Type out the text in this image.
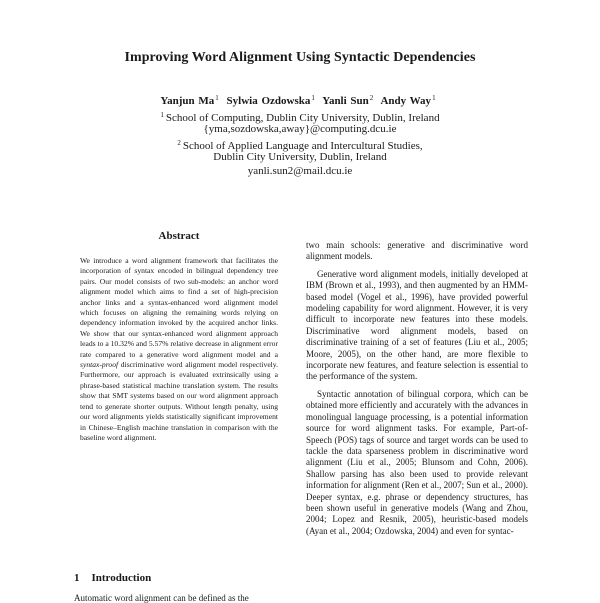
Improving Word Alignment Using Syntactic Dependencies
Yanjun Ma$^1$ Sylwia Ozdowska$^1$ Yanli Sun$^2$ Andy Way$^1$
$^1$ School of Computing, Dublin City University, Dublin, Ireland
{yma,sozdowska,away}@computing.dcu.ie
$^2$ School of Applied Language and Intercultural Studies,
Dublin City University, Dublin, Ireland
yanli.sun2@mail.dcu.ie
Abstract

We introduce a word alignment framework that facilitates the incorporation of syntax encoded in bilingual dependency tree pairs. Our model consists of two sub-models: an anchor word alignment model which aims to find a set of high-precision anchor links and a syntax-enhanced word alignment model which focuses on aligning the remaining words relying on dependency information invoked by the acquired anchor links. We show that our syntax-enhanced word alignment approach leads to a 10.32% and 5.57% relative decrease in alignment error rate compared to a generative word alignment model and a syntax-proof discriminative word alignment model respectively. Furthermore, our approach is evaluated extrinsically using a phrase-based statistical machine translation system. The results show that SMT systems based on our word alignment approach tend to generate shorter outputs. Without length penalty, using our word alignments yields statistically significant improvement in Chinese–English machine translation in comparison with the baseline word alignment.

1 Introduction
Automatic word alignment can be defined as the

two main schools: generative and discriminative word alignment models.

Generative word alignment models, initially developed at IBM (Brown et al., 1993), and then augmented by an HMM-based model (Vogel et al., 1996), have provided powerful modeling capability for word alignment. However, it is very difficult to incorporate new features into these models. Discriminative word alignment models, based on discriminative training of a set of features (Liu et al., 2005; Moore, 2005), on the other hand, are more flexible to incorporate new features, and feature selection is essential to the performance of the system.

Syntactic annotation of bilingual corpora, which can be obtained more efficiently and accurately with the advances in monolingual language processing, is a potential information source for word alignment tasks. For example, Part-of-Speech (POS) tags of source and target words can be used to tackle the data sparseness problem in discriminative word alignment (Liu et al., 2005; Blunsom and Cohn, 2006). Shallow parsing has also been used to provide relevant information for alignment (Ren et al., 2007; Sun et al., 2000). Deeper syntax, e.g. phrase or dependency structures, has been shown useful in generative models (Wang and Zhou, 2004; Lopez and Resnik, 2005), heuristic-based models (Ayan et al., 2004; Ozdowska, 2004) and even for syntac-
